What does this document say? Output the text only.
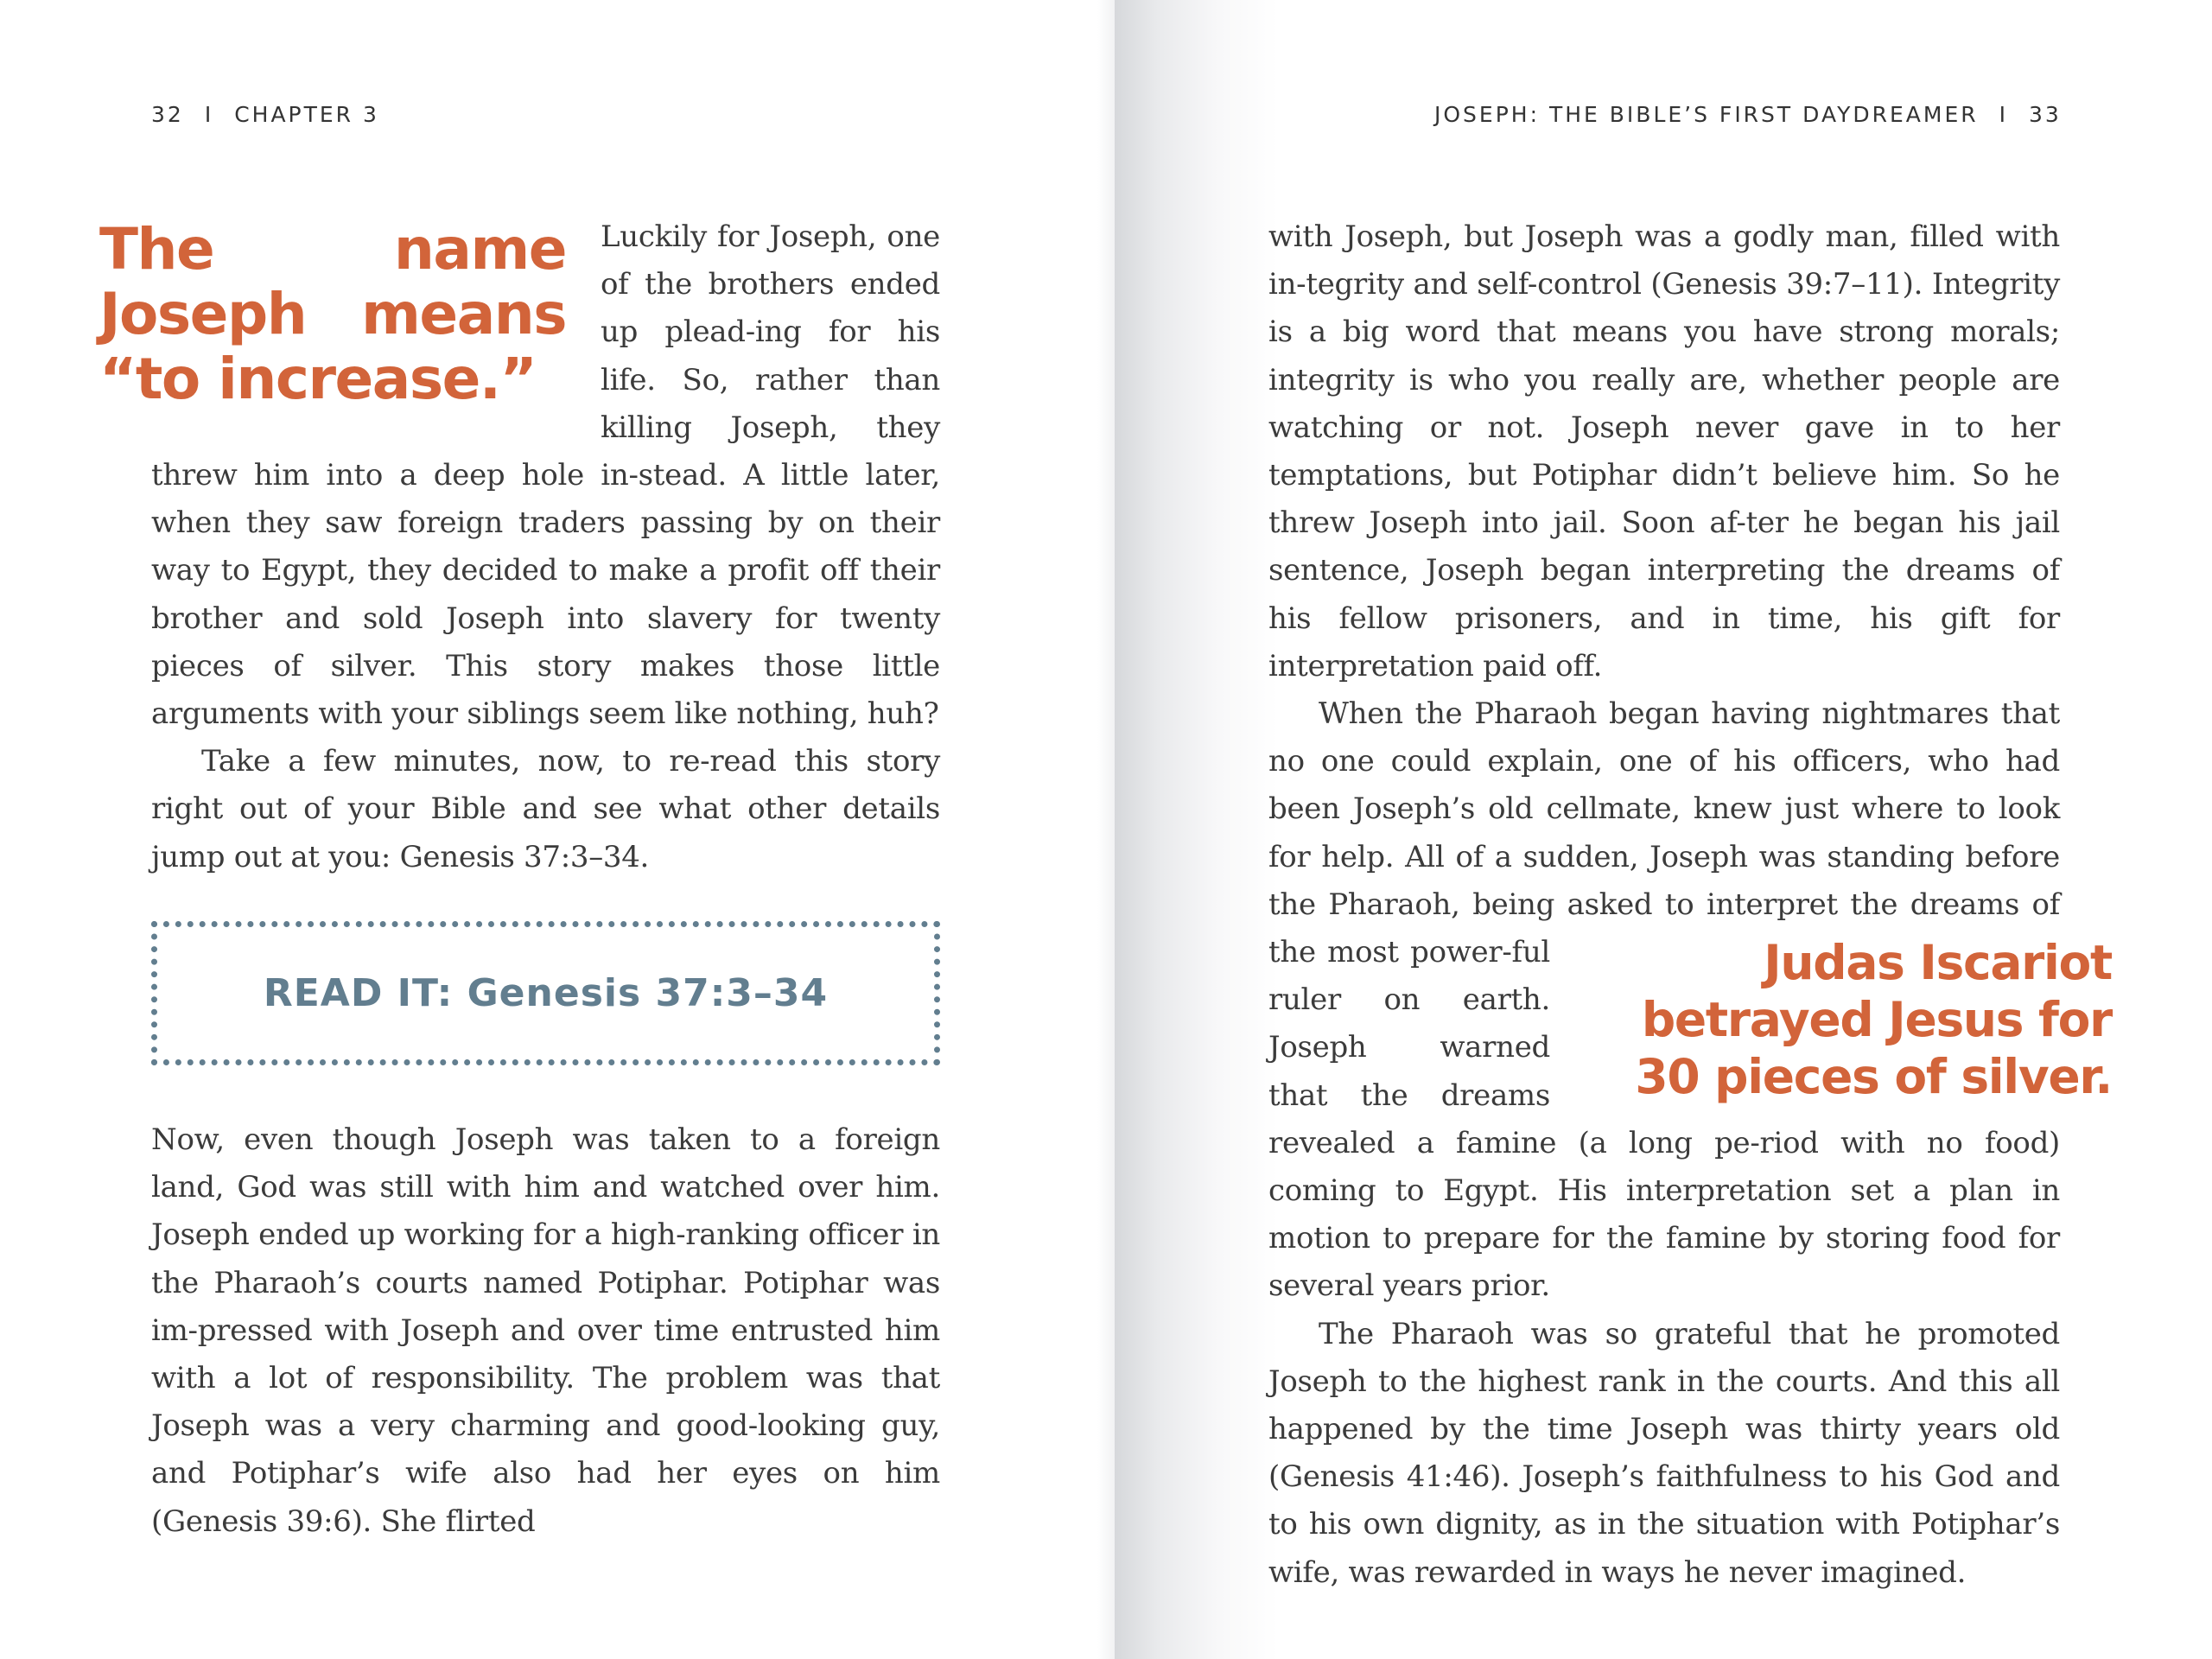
32 I CHAPTER 3	JOSEPH: THE BIBLE’S FIRST DAYDREAMER I 33

The name Joseph means “to increase.”
Luckily for Joseph, one of the brothers ended up plead-ing for his life. So, rather than killing Joseph, they threw him into a deep hole in-stead. A little later, when they saw foreign traders passing by on their way to Egypt, they decided to make a profit off their brother and sold Joseph into slavery for twenty pieces of silver. This story makes those little arguments with your siblings seem like nothing, huh?

Take a few minutes, now, to re-read this story right out of your Bible and see what other details jump out at you: Genesis 37:3–34.

READ IT: Genesis 37:3–34

Now, even though Joseph was taken to a foreign land, God was still with him and watched over him. Joseph ended up working for a high-ranking officer in the Pharaoh’s courts named Potiphar. Potiphar was im-pressed with Joseph and over time entrusted him with a lot of responsibility. The problem was that Joseph was a very charming and good-looking guy, and Potiphar’s wife also had her eyes on him (Genesis 39:6). She flirted

with Joseph, but Joseph was a godly man, filled with in-tegrity and self-control (Genesis 39:7–11). Integrity is a big word that means you have strong morals; integrity is who you really are, whether people are watching or not. Joseph never gave in to her temptations, but Potiphar didn’t believe him. So he threw Joseph into jail. Soon af-ter he began his jail sentence, Joseph began interpreting the dreams of his fellow prisoners, and in time, his gift for interpretation paid off.

When the Pharaoh began having nightmares that no one could explain, one of his officers, who had been Joseph’s old cellmate, knew just where to look for help. All of a sudden, Joseph was standing before the Pharaoh, being asked to interpret the dreams of the most power-	Judas Iscariot betrayed Jesus for 30 pieces of silver.
ful ruler on earth. Joseph warned that the dreams revealed a famine (a long pe-riod with no food) coming to Egypt. His interpretation set a plan in motion to prepare for the famine by storing food for several years prior.

The Pharaoh was so grateful that he promoted Joseph to the highest rank in the courts. And this all happened by the time Joseph was thirty years old (Genesis 41:46). Joseph’s faithfulness to his God and to his own dignity, as in the situation with Potiphar’s wife, was rewarded in ways he never imagined.
